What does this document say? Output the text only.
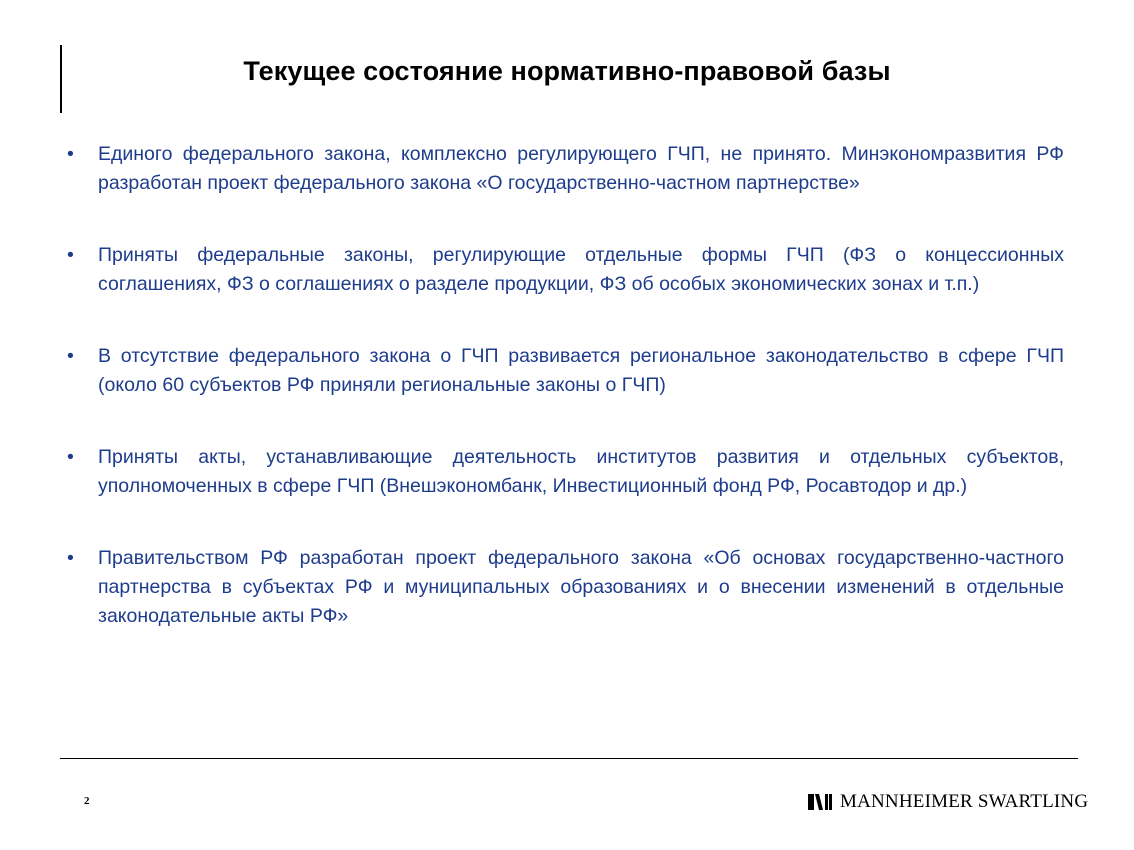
Текущее состояние нормативно-правовой базы
• Единого федерального закона, комплексно регулирующего ГЧП, не принято. Минэкономразвития РФ разработан проект федерального закона «О государственно-частном партнерстве»
• Приняты федеральные законы, регулирующие отдельные формы ГЧП (ФЗ о концессионных соглашениях, ФЗ о соглашениях о разделе продукции, ФЗ об особых экономических зонах и т.п.)
• В отсутствие федерального закона о ГЧП развивается региональное законодательство в сфере ГЧП (около 60 субъектов РФ приняли региональные законы о ГЧП)
• Приняты акты, устанавливающие деятельность институтов развития и отдельных субъектов, уполномоченных в сфере ГЧП (Внешэкономбанк, Инвестиционный фонд РФ, Росавтодор и др.)
• Правительством РФ разработан проект федерального закона «Об основах государственно-частного партнерства в субъектах РФ и муниципальных образованиях и о внесении изменений в отдельные законодательные акты РФ»
2	MANNHEIMER SWARTLING
